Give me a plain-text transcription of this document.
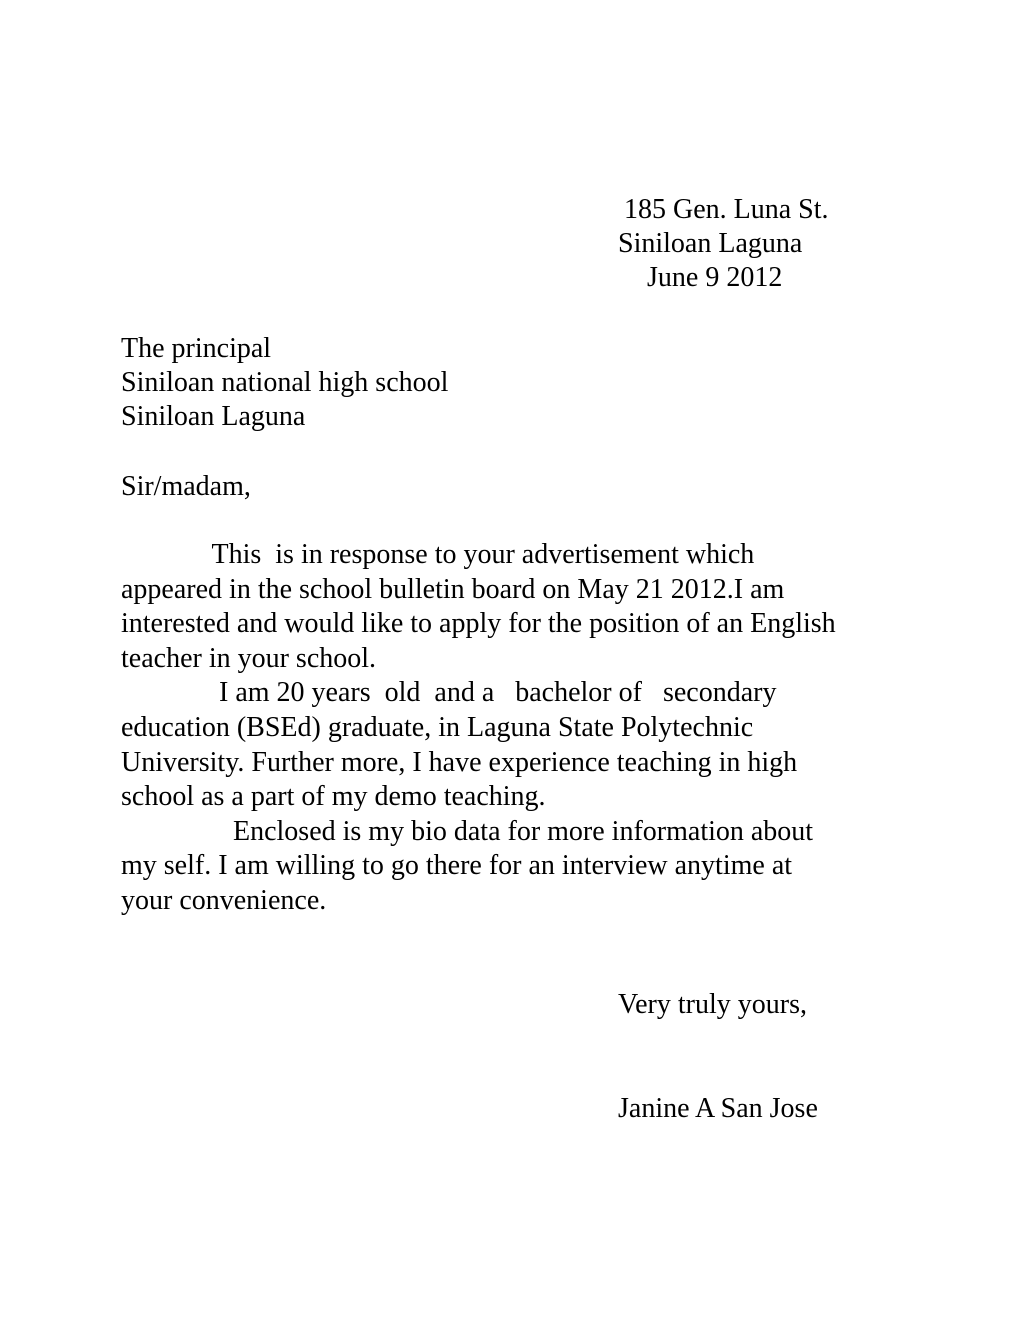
185 Gen. Luna St.
Siniloan Laguna
June 9 2012
The principal
Siniloan national high school
Siniloan Laguna
Sir/madam,
This  is in response to your advertisement which
appeared in the school bulletin board on May 21 2012.I am
interested and would like to apply for the position of an English
teacher in your school.
I am 20 years  old  and a   bachelor of   secondary
education (BSEd) graduate, in Laguna State Polytechnic
University. Further more, I have experience teaching in high
school as a part of my demo teaching.
Enclosed is my bio data for more information about
my self. I am willing to go there for an interview anytime at
your convenience.
Very truly yours,
Janine A San Jose
